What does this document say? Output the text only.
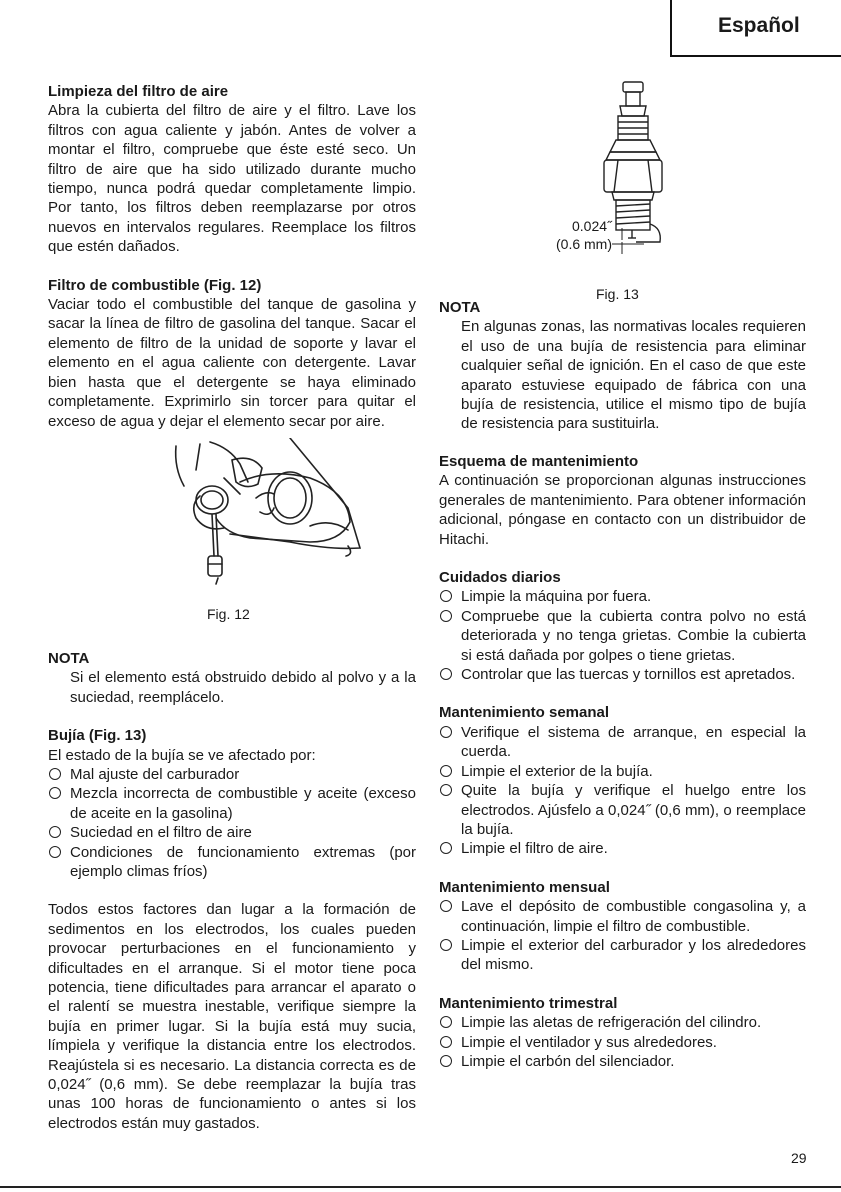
Español
Limpieza del filtro de aire

Abra la cubierta del filtro de aire y el filtro. Lave los filtros con agua caliente y jabón. Antes de volver a montar el filtro, compruebe que éste esté seco. Un filtro de aire que ha sido utilizado durante mucho tiempo, nunca podrá quedar completamente limpio. Por tanto, los filtros deben reemplazarse por otros nuevos en intervalos regulares. Reemplace los filtros que estén dañados.

Filtro de combustible (Fig. 12)

Vaciar todo el combustible del tanque de gasolina y sacar la línea de filtro de gasolina del tanque. Sacar el elemento de filtro de la unidad de soporte y lavar el elemento en el agua caliente con detergente. Lavar bien hasta que el detergente se haya eliminado completamente. Exprimirlo sin torcer para quitar el exceso de agua y dejar el elemento secar por aire.

NOTA

Si el elemento está obstruido debido al polvo y a la suciedad, reemplácelo.

Bujía (Fig. 13)

El estado de la bujía se ve afectado por:

Mal ajuste del carburador
Mezcla incorrecta de combustible y aceite (exceso de aceite en la gasolina)
Suciedad en el filtro de aire
Condiciones de funcionamiento extremas (por ejemplo climas fríos)

Todos estos factores dan lugar a la formación de sedimentos en los electrodos, los cuales pueden provocar perturbaciones en el funcionamiento y dificultades en el arranque. Si el motor tiene poca potencia, tiene dificultades para arrancar el aparato o el ralentí se muestra inestable, verifique siempre la bujía en primer lugar. Si la bujía está muy sucia, límpiela y verifique la distancia entre los electrodos. Reajústela si es necesario. La distancia correcta es de 0,024˝ (0,6 mm). Se debe reemplazar la bujía tras unas 100 horas de funcionamiento o antes si los electrodos están muy gastados.

Fig. 12
0.024˝
(0.6 mm)
Fig. 13
NOTA

En algunas zonas, las normativas locales requieren el uso de una bujía de resistencia para eliminar cualquier señal de ignición. En el caso de que este aparato estuviese equipado de fábrica con una bujía de resistencia, utilice el mismo tipo de bujía de resistencia para sustituirla.

Esquema de mantenimiento

A continuación se proporcionan algunas instrucciones generales de mantenimiento. Para obtener información adicional, póngase en contacto con un distribuidor de Hitachi.

Cuidados diarios
Limpie la máquina por fuera.
Compruebe que la cubierta contra polvo no está deteriorada y no tenga grietas. Combie la cubierta si está dañada por golpes o tiene grietas.
Controlar que las tuercas y tornillos est apretados.
Mantenimiento semanal
Verifique el sistema de arranque, en especial la cuerda.
Limpie el exterior de la bujía.
Quite la bujía y verifique el huelgo entre los electrodos. Ajúsfelo a 0,024˝ (0,6 mm), o reemplace la bujía.
Limpie el filtro de aire.
Mantenimiento mensual
Lave el depósito de combustible congasolina y, a continuación, limpie el filtro de combustible.
Limpie el exterior del carburador y los alrededores del mismo.
Mantenimiento trimestral
Limpie las aletas de refrigeración del cilindro.
Limpie el ventilador y sus alrededores.
Limpie el carbón del silenciador.
29
